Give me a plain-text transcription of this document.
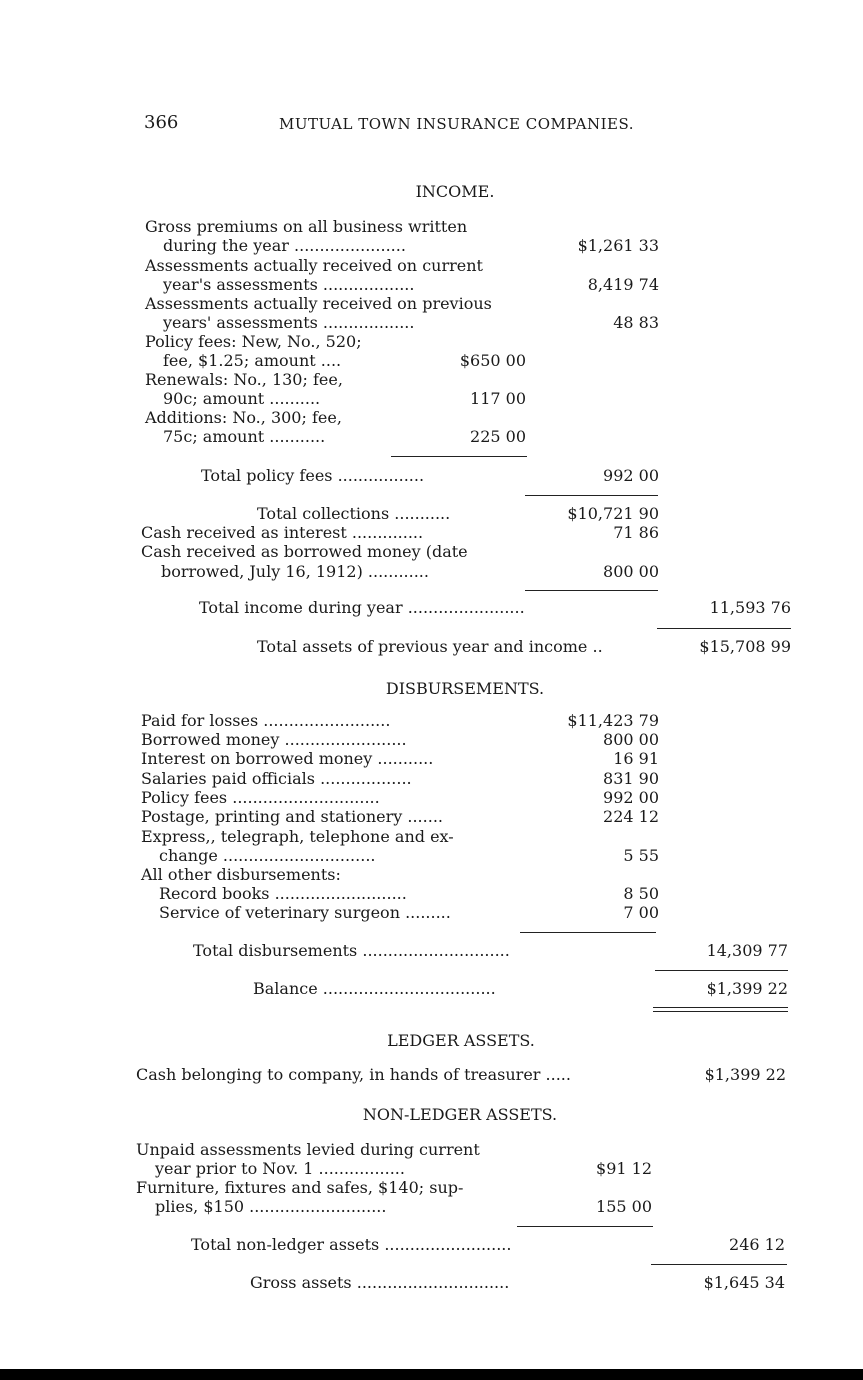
366	MUTUAL TOWN INSURANCE COMPANIES.
INCOME.
Gross premiums on all business written
during the year ......................	$1,261 33
Assessments actually received on current
year's assessments ..................	8,419 74
Assessments actually received on previous
years' assessments ..................	48 83
Policy fees: New, No., 520;
fee, $1.25; amount ....	$650 00
Renewals: No., 130; fee,
90c; amount ..........	117 00
Additions: No., 300; fee,
75c; amount ...........	225 00
Total policy fees .................	992 00
Total collections ...........	$10,721 90
Cash received as interest ..............	71 86
Cash received as borrowed money (date
borrowed, July 16, 1912) ............	800 00
Total income during year .......................	11,593 76
Total assets of previous year and income ..	$15,708 99
DISBURSEMENTS.
Paid for losses .........................	$11,423 79
Borrowed money ........................	800 00
Interest on borrowed money ...........	16 91
Salaries paid officials ..................	831 90
Policy fees .............................	992 00
Postage, printing and stationery .......	224 12
Express,, telegraph, telephone and ex-
change ..............................	5 55
All other disbursements:
Record books ..........................	8 50
Service of veterinary surgeon .........	7 00
Total disbursements .............................	14,309 77
Balance ..................................	$1,399 22
LEDGER ASSETS.
Cash belonging to company, in hands of treasurer .....	$1,399 22
NON-LEDGER ASSETS.
Unpaid assessments levied during current
year prior to Nov. 1 .................	$91 12
Furniture, fixtures and safes, $140; sup-
plies, $150 ...........................	155 00
Total non-ledger assets .........................	246 12
Gross assets ..............................	$1,645 34
